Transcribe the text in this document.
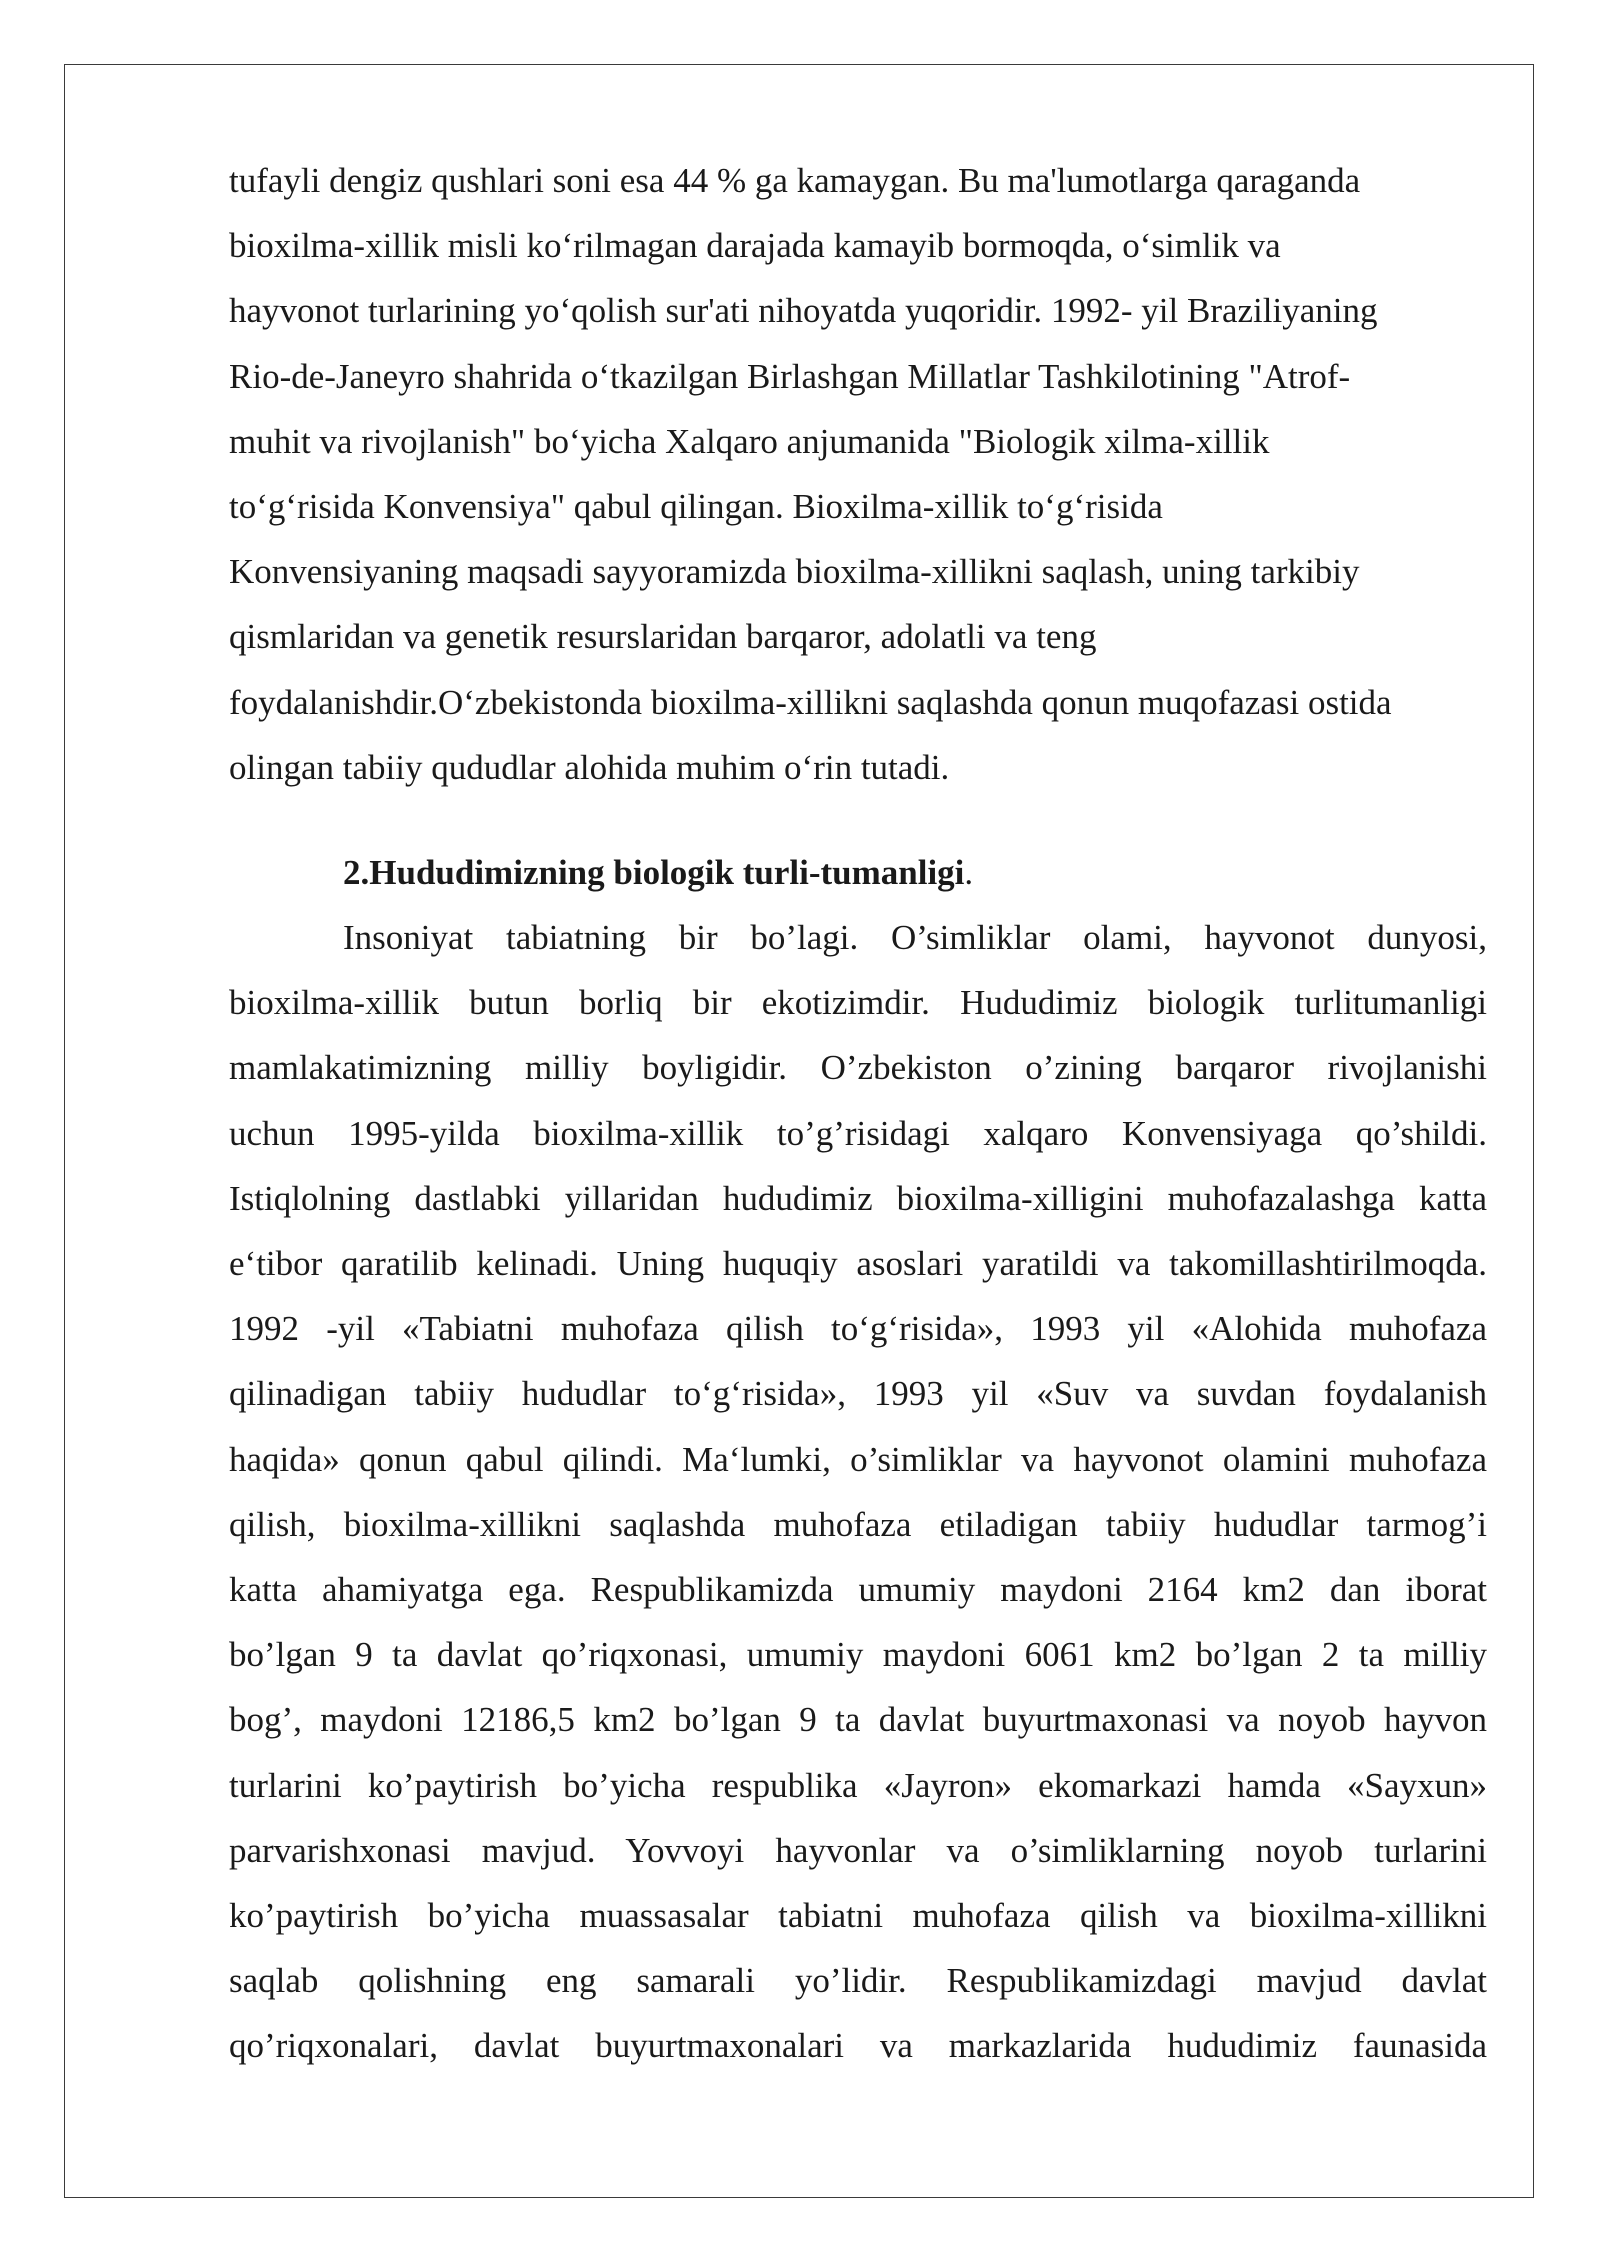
tufayli dengiz qushlari soni esa 44 % ga kamaygan. Bu ma'lumotlarga qaraganda
bioxilma-xillik misli ko‘rilmagan darajada kamayib bormoqda, o‘simlik va
hayvonot turlarining yo‘qolish sur'ati nihoyatda yuqoridir. 1992- yil Braziliyaning
Rio-de-Janeyro shahrida o‘tkazilgan Birlashgan Millatlar Tashkilotining "Atrof-
muhit va rivojlanish" bo‘yicha Xalqaro anjumanida "Biologik xilma-xillik
to‘g‘risida Konvensiya" qabul qilingan. Bioxilma-xillik to‘g‘risida
Konvensiyaning maqsadi sayyoramizda bioxilma-xillikni saqlash, uning tarkibiy
qismlaridan va genetik resurslaridan barqaror, adolatli va teng
foydalanishdir.O‘zbekistonda bioxilma-xillikni saqlashda qonun muqofazasi ostida
olingan tabiiy qududlar alohida muhim o‘rin tutadi.
2.Hududimizning biologik turli-tumanligi.
Insoniyat tabiatning bir bo’lagi. O’simliklar olami, hayvonot dunyosi,
bioxilma-xillik butun borliq bir ekotizimdir. Hududimiz biologik turlitumanligi
mamlakatimizning milliy boyligidir. O’zbekiston o’zining barqaror rivojlanishi
uchun 1995-yilda bioxilma-xillik to’g’risidagi xalqaro Konvensiyaga qo’shildi.
Istiqlolning dastlabki yillaridan hududimiz bioxilma-xilligini muhofazalashga katta
e‘tibor qaratilib kelinadi. Uning huquqiy asoslari yaratildi va takomillashtirilmoqda.
1992 -yil «Tabiatni muhofaza qilish to‘g‘risida», 1993 yil «Alohida muhofaza
qilinadigan tabiiy hududlar to‘g‘risida», 1993 yil «Suv va suvdan foydalanish
haqida» qonun qabul qilindi. Ma‘lumki, o’simliklar va hayvonot olamini muhofaza
qilish, bioxilma-xillikni saqlashda muhofaza etiladigan tabiiy hududlar tarmog’i
katta ahamiyatga ega. Respublikamizda umumiy maydoni 2164 km2 dan iborat
bo’lgan 9 ta davlat qo’riqxonasi, umumiy maydoni 6061 km2 bo’lgan 2 ta milliy
bog’, maydoni 12186,5 km2 bo’lgan 9 ta davlat buyurtmaxonasi va noyob hayvon
turlarini ko’paytirish bo’yicha respublika «Jayron» ekomarkazi hamda «Sayxun»
parvarishxonasi mavjud. Yovvoyi hayvonlar va o’simliklarning noyob turlarini
ko’paytirish bo’yicha muassasalar tabiatni muhofaza qilish va bioxilma-xillikni
saqlab qolishning eng samarali yo’lidir. Respublikamizdagi mavjud davlat
qo’riqxonalari, davlat buyurtmaxonalari va markazlarida hududimiz faunasida
